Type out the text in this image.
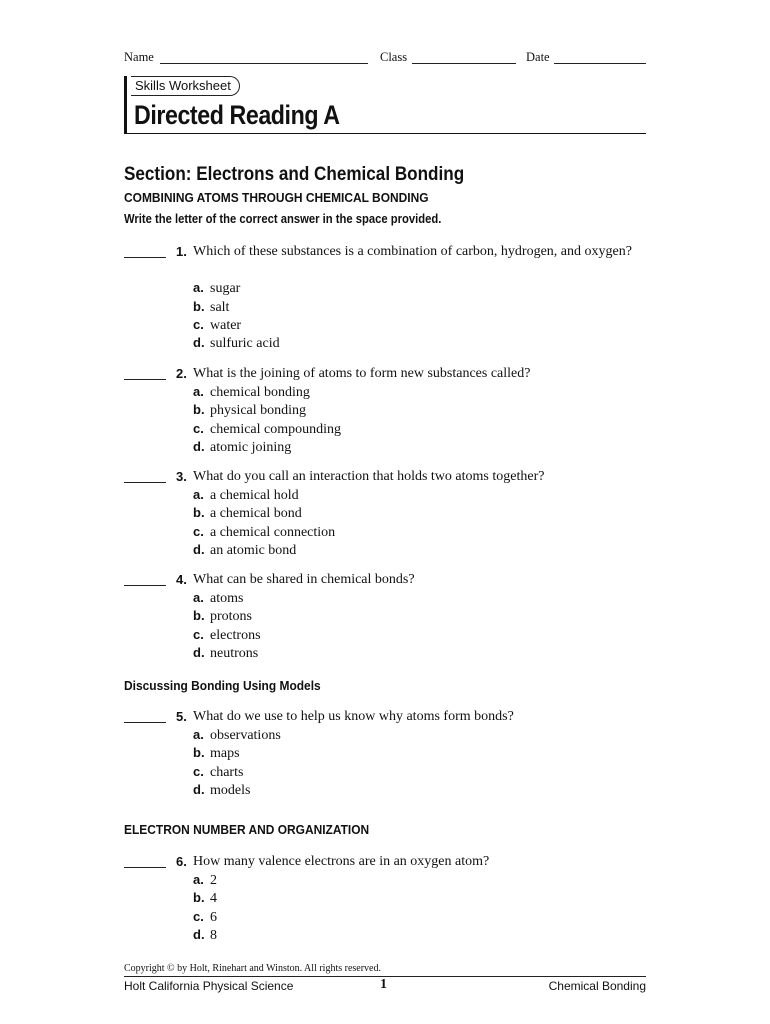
Name	Class	Date
Skills Worksheet
Directed Reading A
Section: Electrons and Chemical Bonding
COMBINING ATOMS THROUGH CHEMICAL BONDING
Write the letter of the correct answer in the space provided.
1. Which of these substances is a combination of carbon, hydrogen, and oxygen?
a. sugar
b. salt
c. water
d. sulfuric acid
2. What is the joining of atoms to form new substances called?
a. chemical bonding
b. physical bonding
c. chemical compounding
d. atomic joining
3. What do you call an interaction that holds two atoms together?
a. a chemical hold
b. a chemical bond
c. a chemical connection
d. an atomic bond
4. What can be shared in chemical bonds?
a. atoms
b. protons
c. electrons
d. neutrons
Discussing Bonding Using Models
5. What do we use to help us know why atoms form bonds?
a. observations
b. maps
c. charts
d. models
ELECTRON NUMBER AND ORGANIZATION
6. How many valence electrons are in an oxygen atom?
a. 2
b. 4
c. 6
d. 8
Copyright © by Holt, Rinehart and Winston. All rights reserved.
Holt California Physical Science	1	Chemical Bonding
